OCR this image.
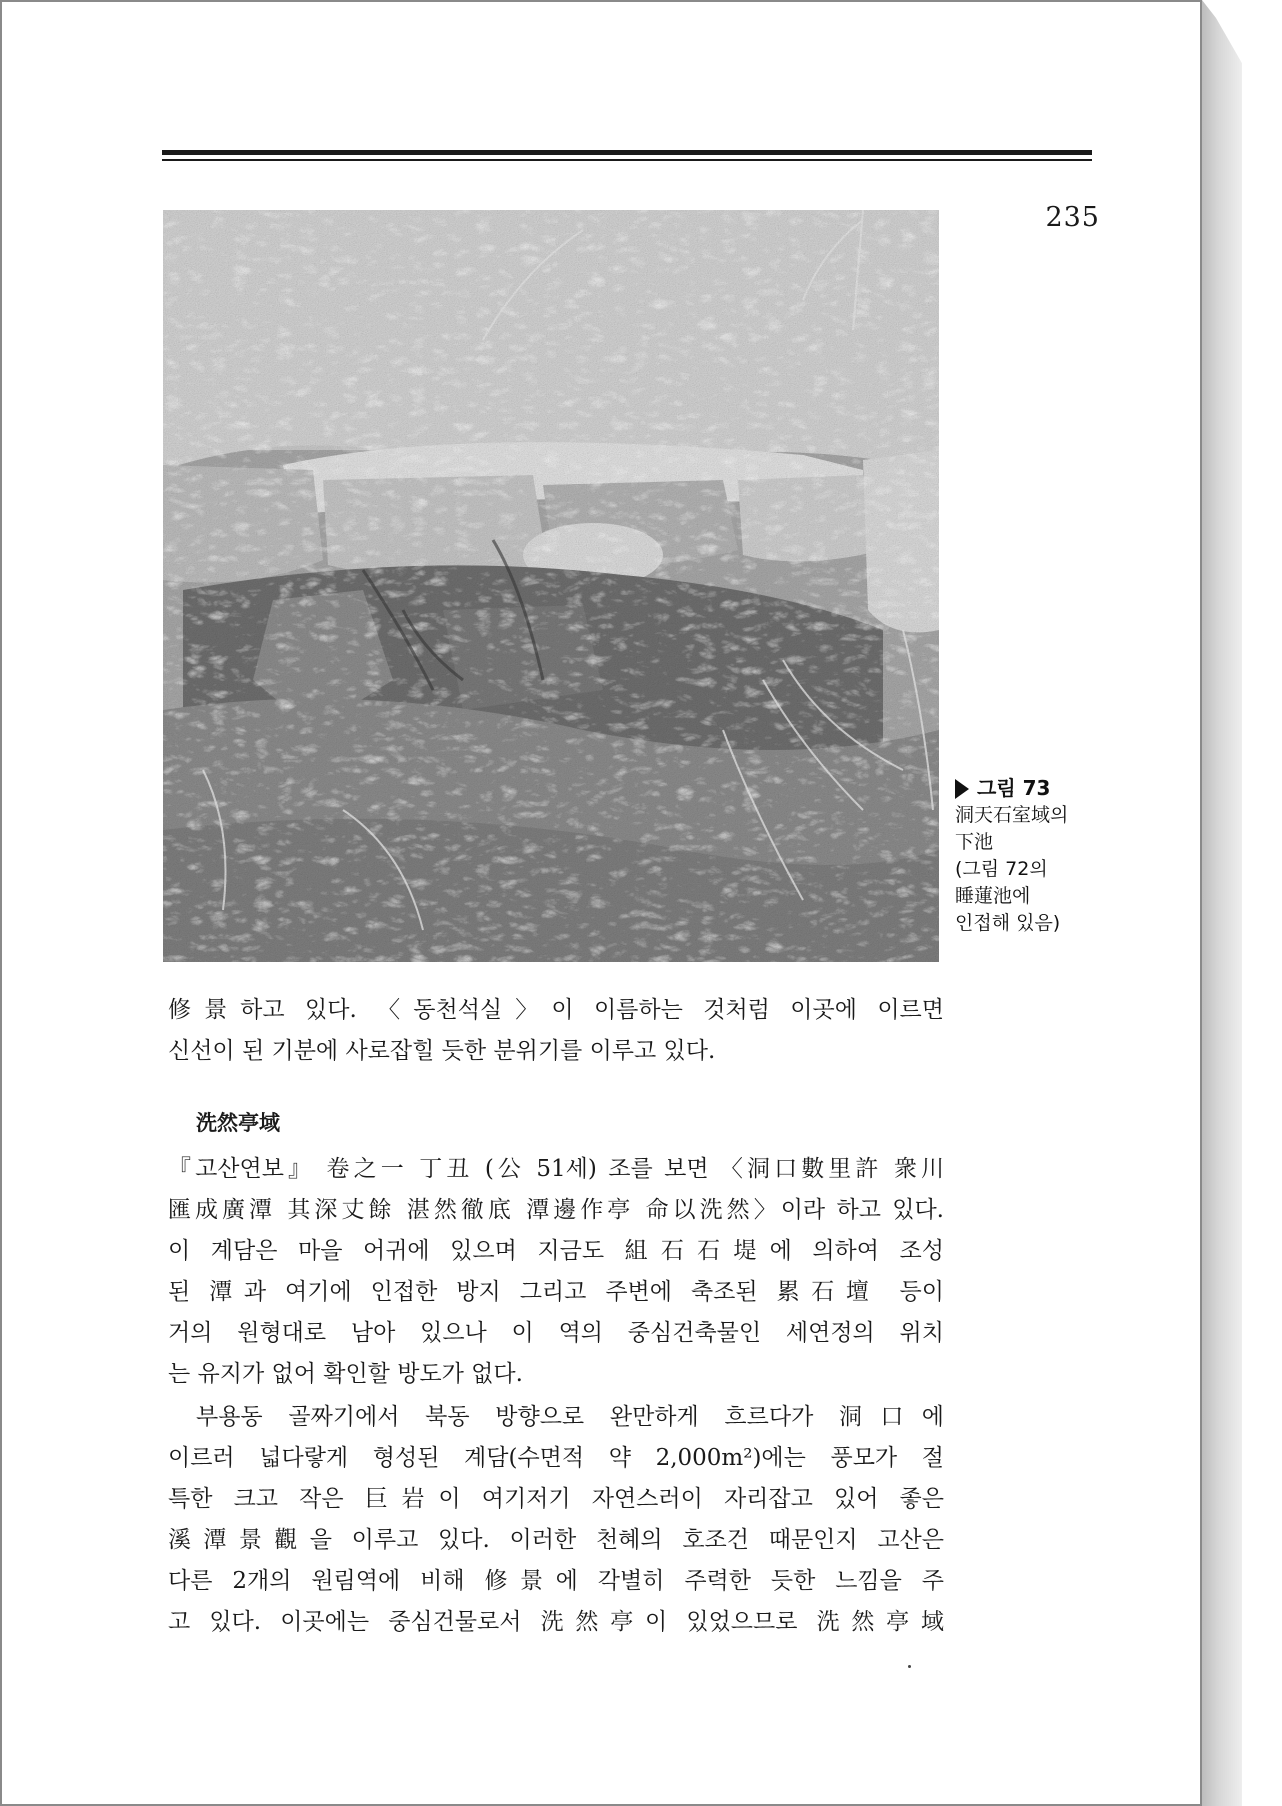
235
그림 73
洞天石室域의
下池
(그림 72의
睡蓮池에
인접해 있음)
修景하고 있다. 〈동천석실〉이 이름하는 것처럼 이곳에 이르면
신선이 된 기분에 사로잡힐 듯한 분위기를 이루고 있다.
洗然亭域
『고산연보』 卷之一 丁丑 (公 51세) 조를 보면 〈洞口數里許 衆川
匯成廣潭 其深丈餘 湛然徹底 潭邊作亭 命以洗然〉이라 하고 있다.
이 계담은 마을 어귀에 있으며 지금도 組石石堤에 의하여 조성
된 潭과 여기에 인접한 방지 그리고 주변에 축조된 累石壇 등이
거의 원형대로 남아 있으나 이 역의 중심건축물인 세연정의 위치
는 유지가 없어 확인할 방도가 없다.
부용동 골짜기에서 북동 방향으로 완만하게 흐르다가 洞口에
이르러 넓다랗게 형성된 계담(수면적 약 2,000m²)에는 풍모가 절
특한 크고 작은 巨岩이 여기저기 자연스러이 자리잡고 있어 좋은
溪潭景觀을 이루고 있다. 이러한 천혜의 호조건 때문인지 고산은
다른 2개의 원림역에 비해 修景에 각별히 주력한 듯한 느낌을 주
고 있다. 이곳에는 중심건물로서 洗然亭이 있었으므로 洗然亭域
